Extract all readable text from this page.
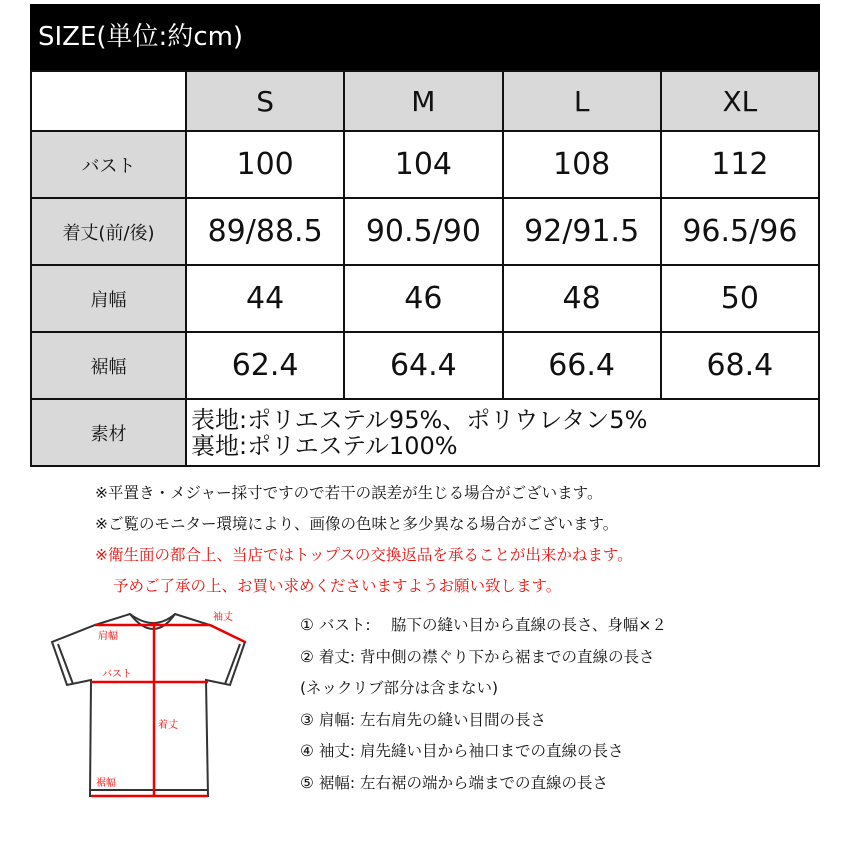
SIZE(単位:約cm)
	S	M	L	XL
バスト	100	104	108	112
着丈(前/後)	89/88.5	90.5/90	92/91.5	96.5/96
肩幅	44	46	48	50
裾幅	62.4	64.4	66.4	68.4
素材	表地:ポリエステル95%、ポリウレタン5%
裏地:ポリエステル100%			
※平置き・メジャー採寸ですので若干の誤差が生じる場合がございます。
※ご覧のモニター環境により、画像の色味と多少異なる場合がございます。
※衛生面の都合上、当店ではトップスの交換返品を承ることが出来かねます。
予めご了承の上、お買い求めくださいますようお願い致します。
袖丈
肩幅
バスト
着丈
裾幅
① バスト:　 脇下の縫い目から直線の長さ、身幅×２
② 着丈: 背中側の襟ぐり下から裾までの直線の長さ
(ネックリブ部分は含まない)
③ 肩幅: 左右肩先の縫い目間の長さ
④ 袖丈: 肩先縫い目から袖口までの直線の長さ
⑤ 裾幅: 左右裾の端から端までの直線の長さ
